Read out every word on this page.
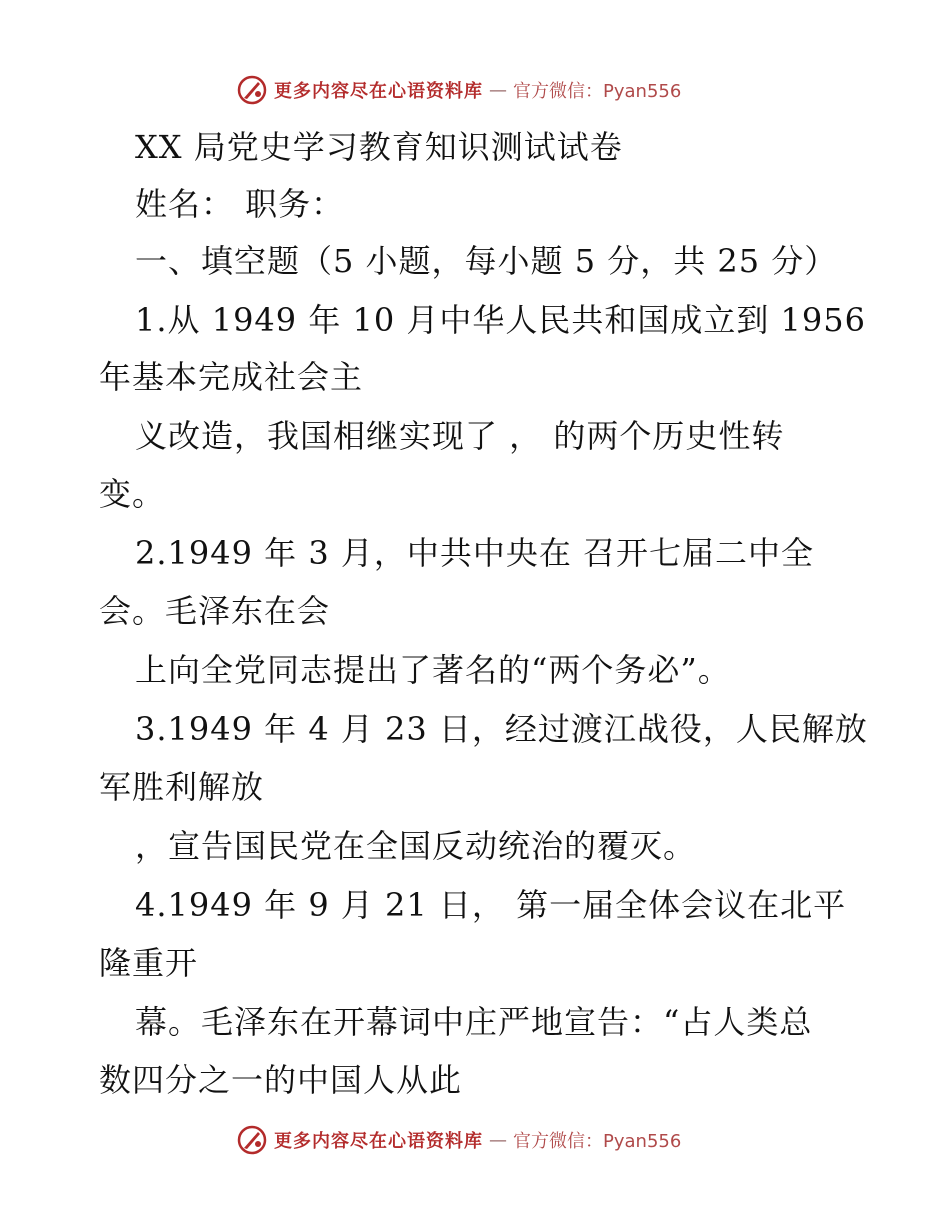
更多内容尽在心语资料库 — 官方微信：Pyan556
XX 局党史学习教育知识测试试卷
姓名： 职务：
一、填空题（5 小题，每小题 5 分，共 25 分）
1.从 1949 年 10 月中华人民共和国成立到 1956
年基本完成社会主
义改造，我国相继实现了 ， 的两个历史性转
变。
2.1949 年 3 月，中共中央在 召开七届二中全
会。毛泽东在会
上向全党同志提出了著名的“两个务必”。
3.1949 年 4 月 23 日，经过渡江战役，人民解放
军胜利解放
，宣告国民党在全国反动统治的覆灭。
4.1949 年 9 月 21 日， 第一届全体会议在北平
隆重开
幕。毛泽东在开幕词中庄严地宣告：“占人类总
数四分之一的中国人从此
更多内容尽在心语资料库 — 官方微信：Pyan556
